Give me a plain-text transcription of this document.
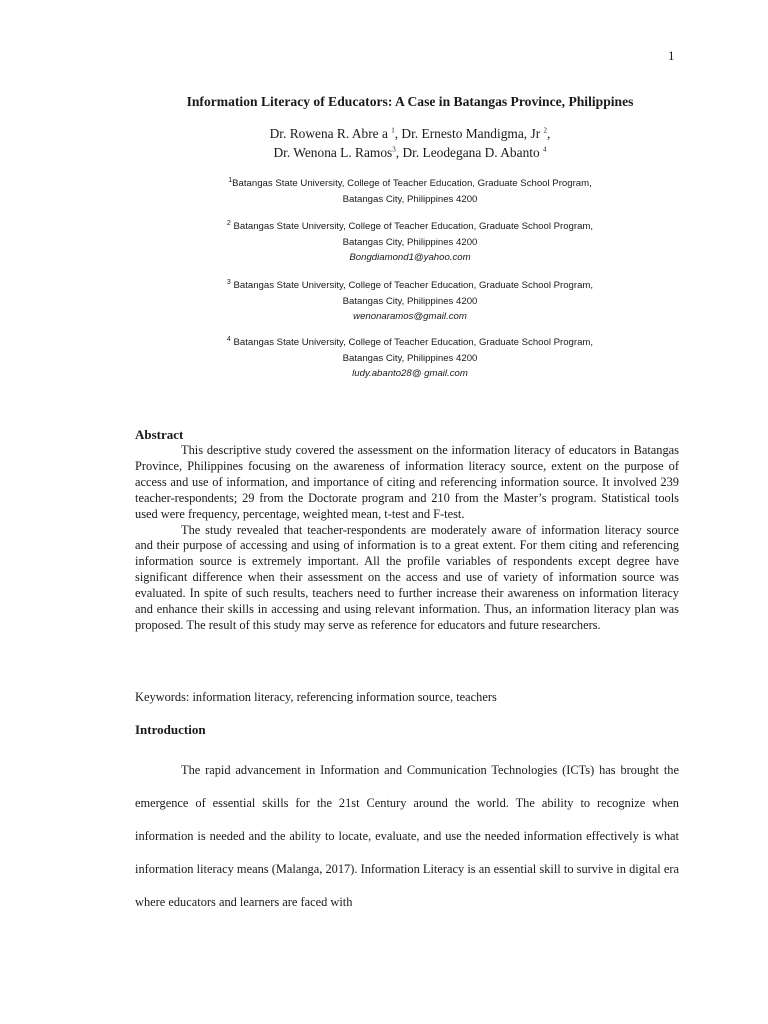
1
Information Literacy of Educators: A Case in Batangas Province, Philippines
Dr. Rowena R. Abre a $^1$, Dr. Ernesto Mandigma, Jr $^2$,
Dr. Wenona L. Ramos$^3$, Dr. Leodegana D. Abanto $^4$
$^1$Batangas State University, College of Teacher Education, Graduate School Program,
Batangas City, Philippines 4200
$^2$ Batangas State University, College of Teacher Education, Graduate School Program,
Batangas City, Philippines 4200
Bongdiamond1@yahoo.com
$^3$ Batangas State University, College of Teacher Education, Graduate School Program,
Batangas City, Philippines 4200
wenonaramos@gmail.com
$^4$ Batangas State University, College of Teacher Education, Graduate School Program,
Batangas City, Philippines 4200
ludy.abanto28@ gmail.com
Abstract

This descriptive study covered the assessment on the information literacy of educators in Batangas Province, Philippines focusing on the awareness of information literacy source, extent on the purpose of access and use of information, and importance of citing and referencing information source. It involved 239 teacher-respondents; 29 from the Doctorate program and 210 from the Master’s program. Statistical tools used were frequency, percentage, weighted mean, t-test and F-test.

The study revealed that teacher-respondents are moderately aware of information literacy source and their purpose of accessing and using of information is to a great extent. For them citing and referencing information source is extremely important. All the profile variables of respondents except degree have significant difference when their assessment on the access and use of variety of information source was evaluated. In spite of such results, teachers need to further increase their awareness on information literacy and enhance their skills in accessing and using relevant information. Thus, an information literacy plan was proposed. The result of this study may serve as reference for educators and future researchers.

Keywords: information literacy, referencing information source, teachers
Introduction

The rapid advancement in Information and Communication Technologies (ICTs) has brought the emergence of essential skills for the 21st Century around the world. The ability to recognize when information is needed and the ability to locate, evaluate, and use the needed information effectively is what information literacy means (Malanga, 2017). Information Literacy is an essential skill to survive in digital era where educators and learners are faced with
